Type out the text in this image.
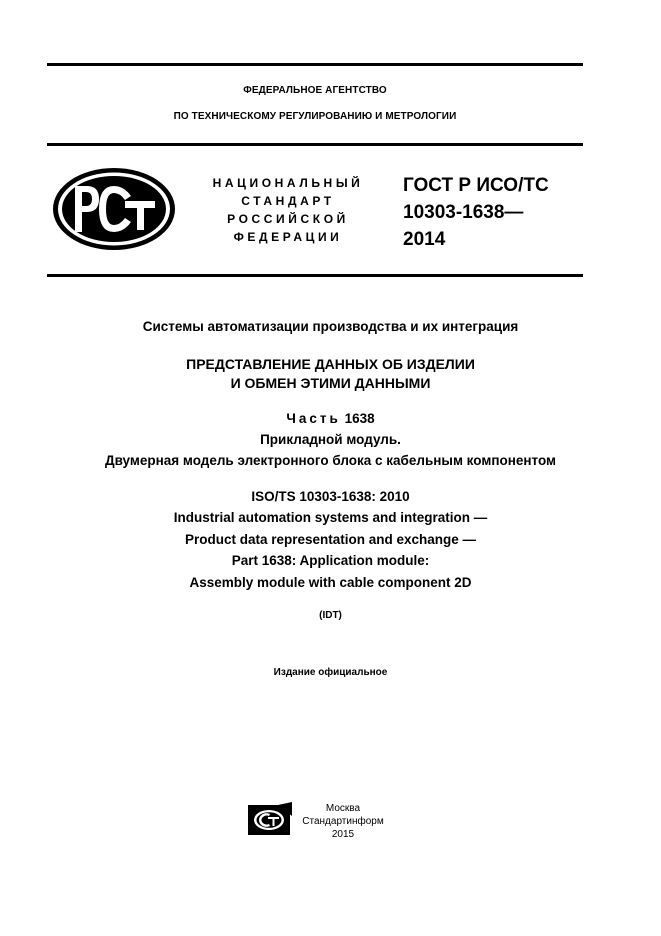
ФЕДЕРАЛЬНОЕ АГЕНТСТВО
ПО ТЕХНИЧЕСКОМУ РЕГУЛИРОВАНИЮ И МЕТРОЛОГИИ
НАЦИОНАЛЬНЫЙ
СТАНДАРТ
РОССИЙСКОЙ
ФЕДЕРАЦИИ
ГОСТ Р ИСО/ТС
10303-1638—
2014
Системы автоматизации производства и их интеграция
ПРЕДСТАВЛЕНИЕ ДАННЫХ ОБ ИЗДЕЛИИ
И ОБМЕН ЭТИМИ ДАННЫМИ
Часть 1638
Прикладной модуль.
Двумерная модель электронного блока с кабельным компонентом
ISO/TS 10303-1638: 2010
Industrial automation systems and integration —
Product data representation and exchange —
Part 1638: Application module:
Assembly module with cable component 2D
(IDT)
Издание официальное
Москва
Стандартинформ
2015
